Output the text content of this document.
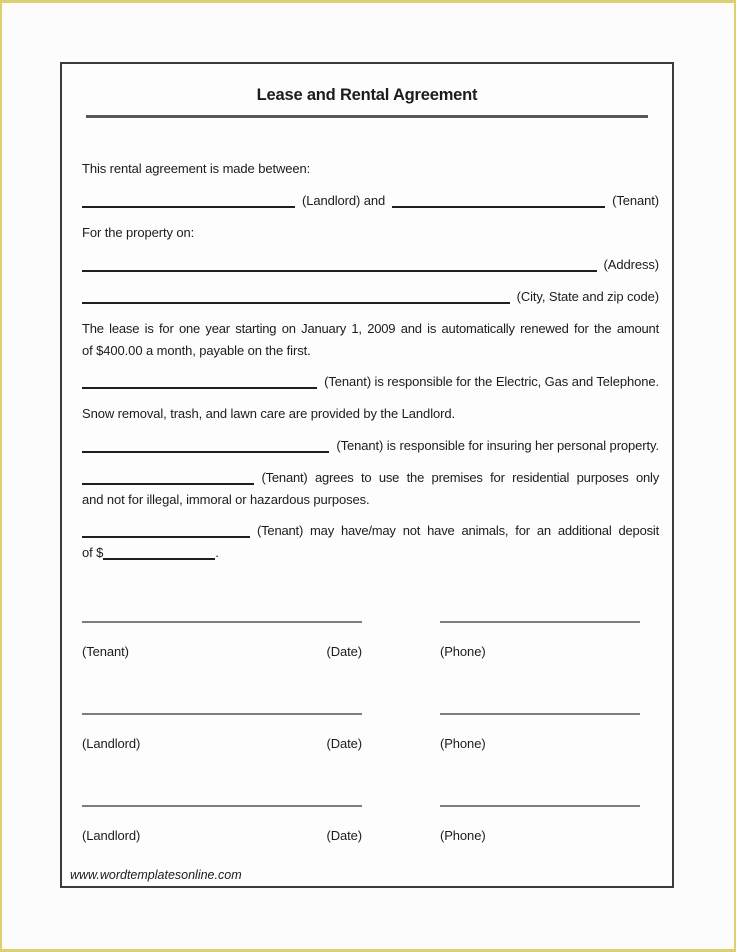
Lease and Rental Agreement

This rental agreement is made between:

(Landlord) and	(Tenant)

For the property on:

(Address)
(City, State and zip code)
The lease is for one year starting on January 1, 2009 and is automatically renewed for the amount
of $400.00 a month, payable on the first.
(Tenant) is responsible for the Electric, Gas and Telephone.

Snow removal, trash, and lawn care are provided by the Landlord.

(Tenant) is responsible for insuring her personal property.
(Tenant) agrees to use the premises for residential purposes only
and not for illegal, immoral or hazardous purposes.
(Tenant) may have/may not have animals, for an additional deposit
of $	.
(Tenant)	(Date)	(Phone)
(Landlord)	(Date)	(Phone)
(Landlord)	(Date)	(Phone)
www.wordtemplatesonline.com
